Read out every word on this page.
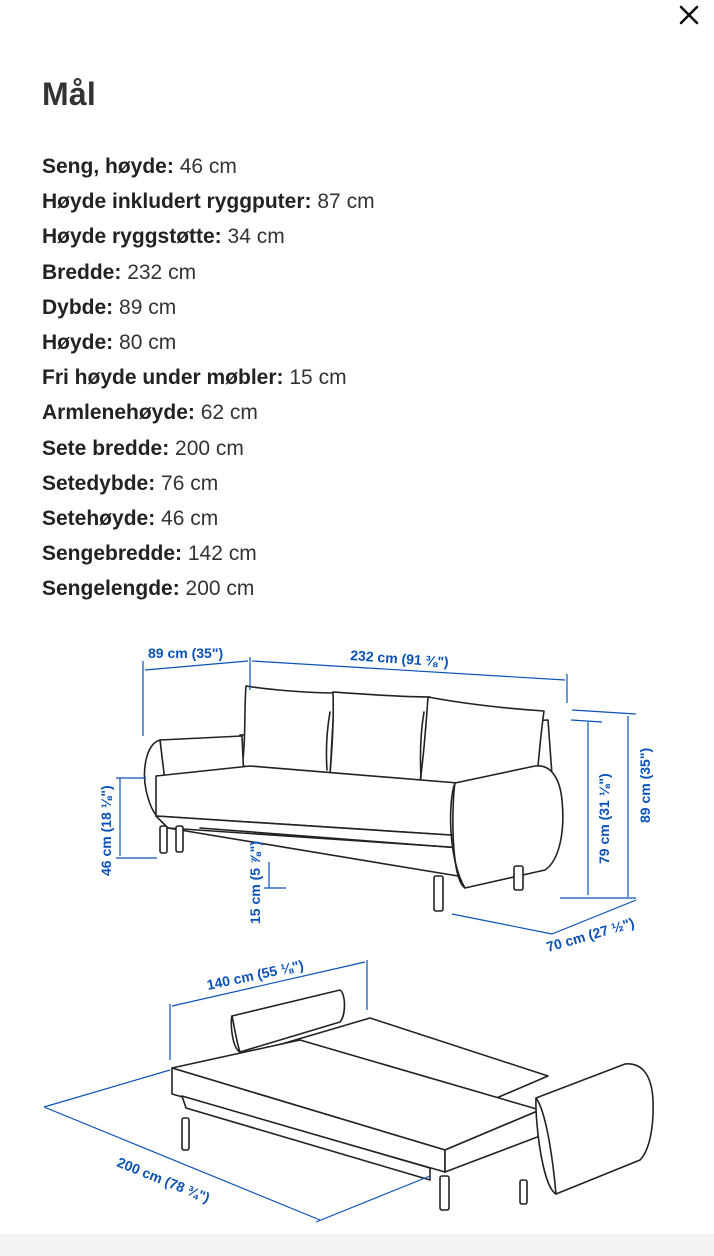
Mål
Seng, høyde: 46 cm
Høyde inkludert ryggputer: 87 cm
Høyde ryggstøtte: 34 cm
Bredde: 232 cm
Dybde: 89 cm
Høyde: 80 cm
Fri høyde under møbler: 15 cm
Armlenehøyde: 62 cm
Sete bredde: 200 cm
Setedybde: 76 cm
Setehøyde: 46 cm
Sengebredde: 142 cm
Sengelengde: 200 cm
89 cm (35")	232 cm (91 ⅜")
46 cm (18 ⅛")
15 cm (5 ⅞")
79 cm (31 ⅛") 89 cm (35")
70 cm (27 ½")
140 cm (55 ⅛")
200 cm (78 ¾")
